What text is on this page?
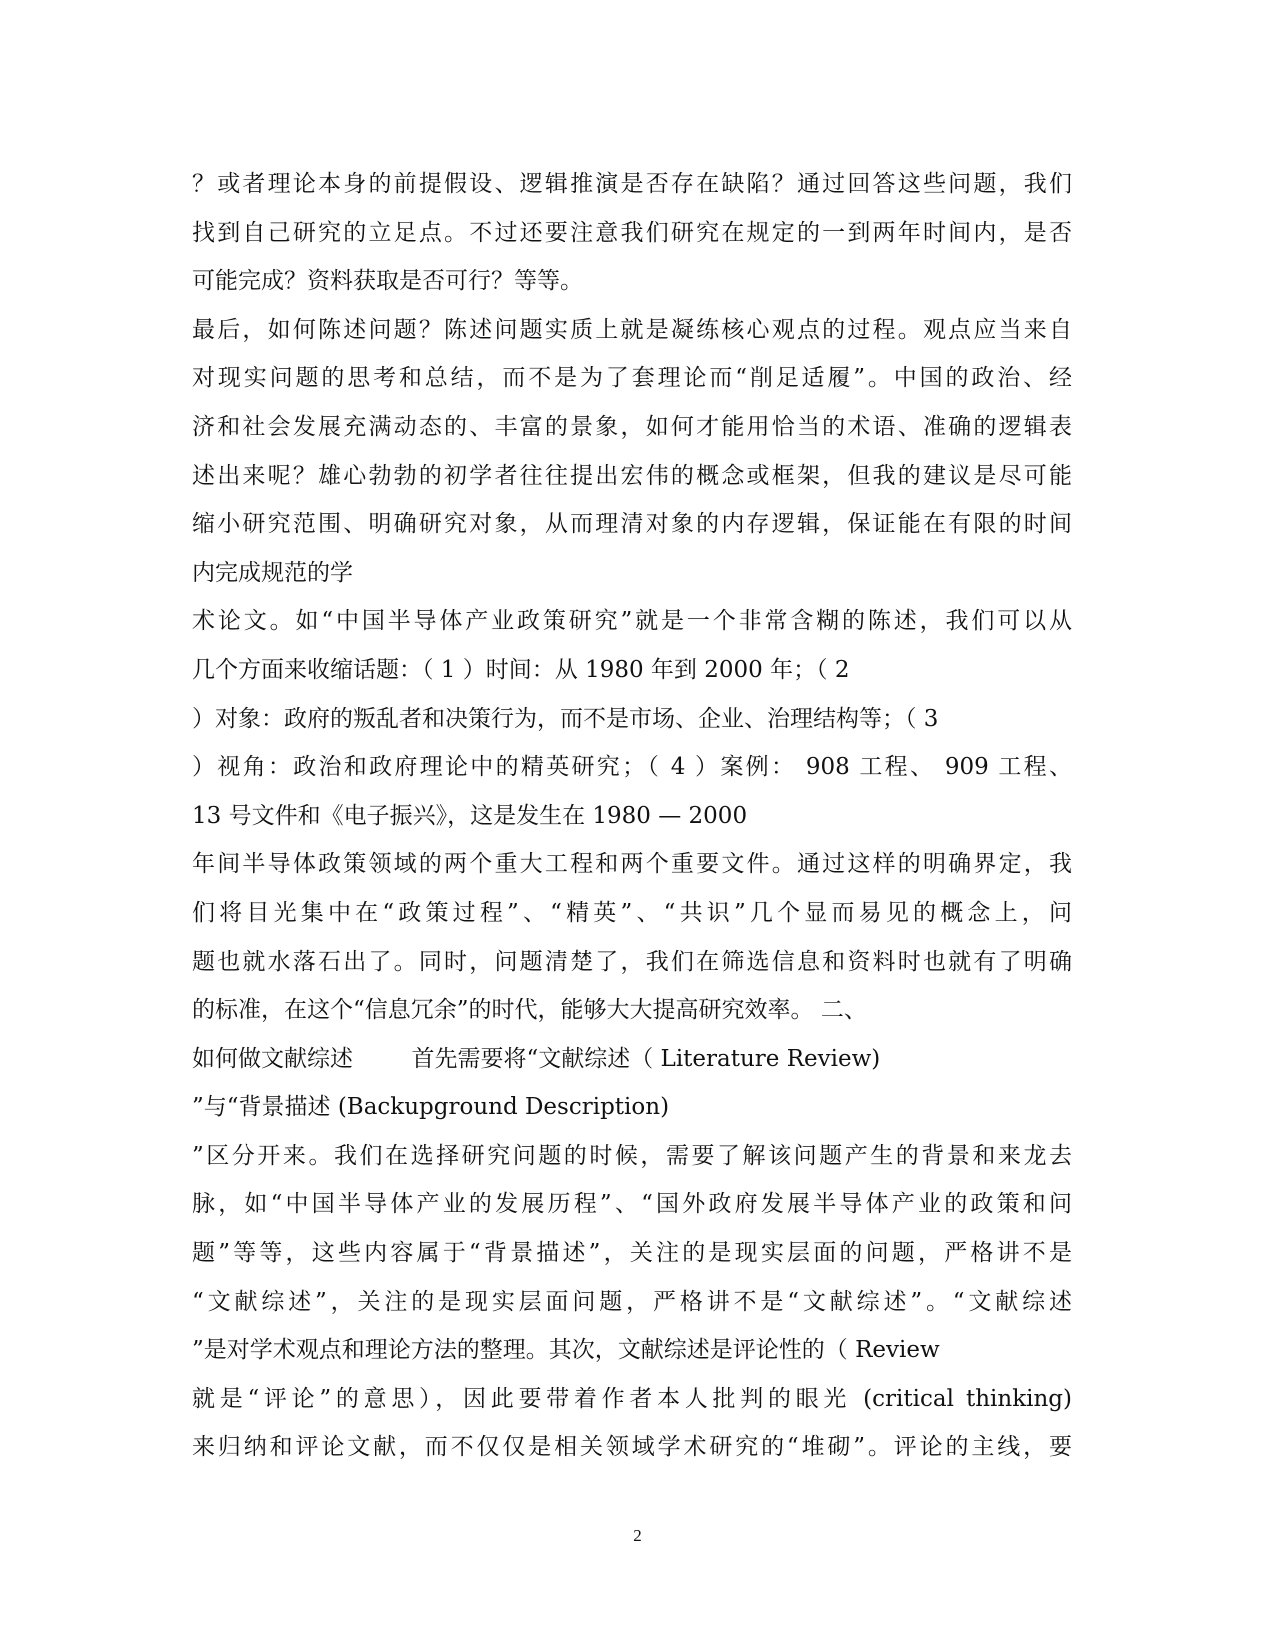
？或者理论本身的前提假设、逻辑推演是否存在缺陷？通过回答这些问题，我们
找到自己研究的立足点。不过还要注意我们研究在规定的一到两年时间内，是否
可能完成？资料获取是否可行？等等。
最后，如何陈述问题？陈述问题实质上就是凝练核心观点的过程。观点应当来自
对现实问题的思考和总结，而不是为了套理论而“削足适履”。中国的政治、经
济和社会发展充满动态的、丰富的景象，如何才能用恰当的术语、准确的逻辑表
述出来呢？雄心勃勃的初学者往往提出宏伟的概念或框架，但我的建议是尽可能
缩小研究范围、明确研究对象，从而理清对象的内存逻辑，保证能在有限的时间
内完成规范的学
术论文。如“中国半导体产业政策研究”就是一个非常含糊的陈述，我们可以从
几个方面来收缩话题：（ 1 ）时间：从 1980 年到 2000 年；（ 2
）对象：政府的叛乱者和决策行为，而不是市场、企业、治理结构等；（ 3
）视角：政治和政府理论中的精英研究；（ 4 ）案例： 908 工程、 909 工程、
13 号文件和《电子振兴》，这是发生在 1980 — 2000
年间半导体政策领域的两个重大工程和两个重要文件。通过这样的明确界定，我
们将目光集中在“政策过程”、“精英”、“共识”几个显而易见的概念上，问
题也就水落石出了。同时，问题清楚了，我们在筛选信息和资料时也就有了明确
的标准，在这个“信息冗余”的时代，能够大大提高研究效率。 二、
如何做文献综述        首先需要将“文献综述（ Literature Review)
”与“背景描述 (Backupground Description)
”区分开来。我们在选择研究问题的时候，需要了解该问题产生的背景和来龙去
脉，如“中国半导体产业的发展历程”、“国外政府发展半导体产业的政策和问
题”等等，这些内容属于“背景描述”，关注的是现实层面的问题，严格讲不是
“文献综述”，关注的是现实层面问题，严格讲不是“文献综述”。“文献综述
”是对学术观点和理论方法的整理。其次，文献综述是评论性的（ Review
就是“评论”的意思），因此要带着作者本人批判的眼光 (critical thinking)
来归纳和评论文献，而不仅仅是相关领域学术研究的“堆砌”。评论的主线，要
2
